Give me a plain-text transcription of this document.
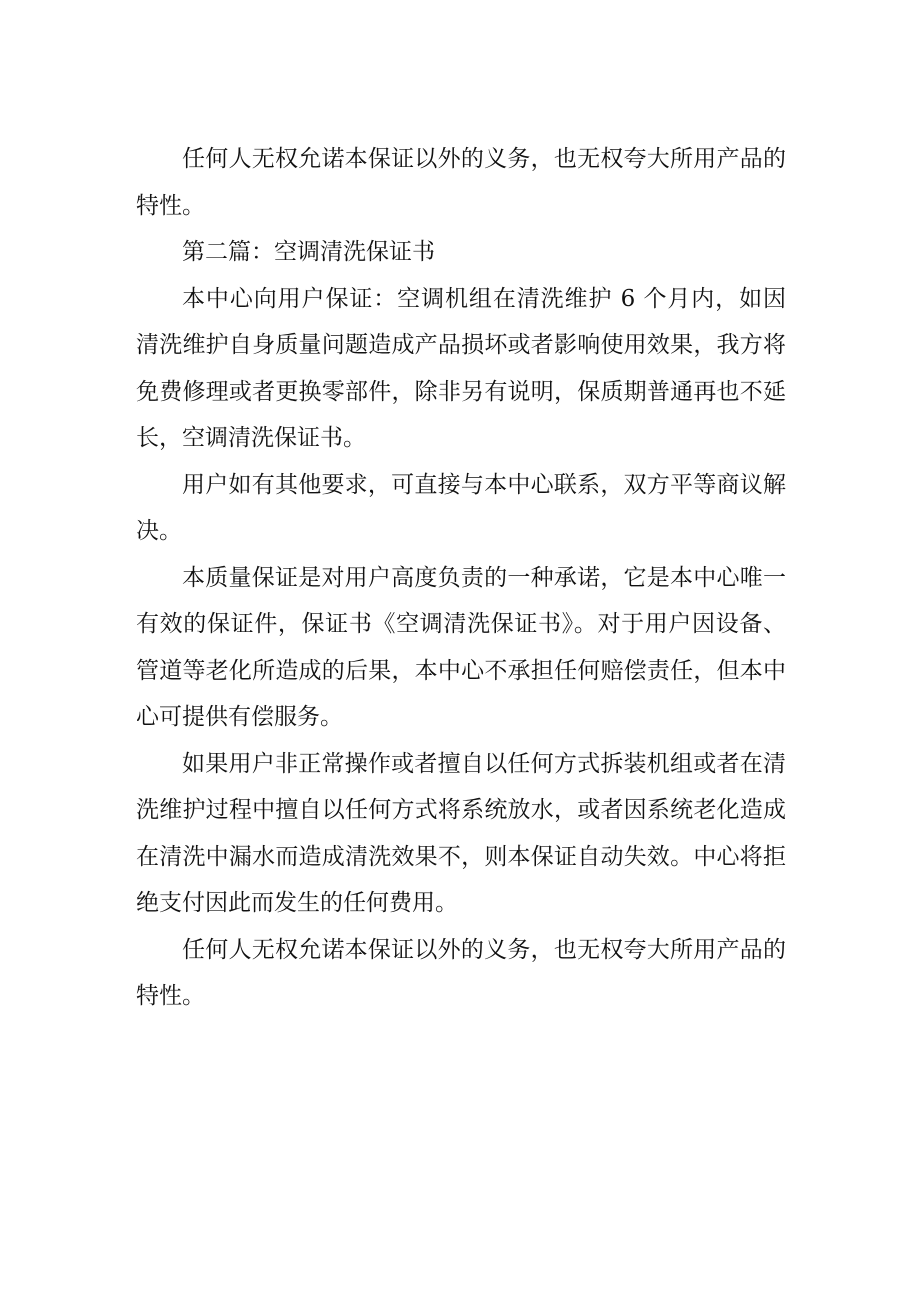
任何人无权允诺本保证以外的义务，也无权夸大所用产品的特性。

第二篇：空调清洗保证书

本中心向用户保证：空调机组在清洗维护 6 个月内，如因清洗维护自身质量问题造成产品损坏或者影响使用效果，我方将免费修理或者更换零部件，除非另有说明，保质期普通再也不延长，空调清洗保证书。

用户如有其他要求，可直接与本中心联系，双方平等商议解决。

本质量保证是对用户高度负责的一种承诺，它是本中心唯一有效的保证件，保证书《空调清洗保证书》。对于用户因设备、管道等老化所造成的后果，本中心不承担任何赔偿责任，但本中心可提供有偿服务。

如果用户非正常操作或者擅自以任何方式拆装机组或者在清洗维护过程中擅自以任何方式将系统放水，或者因系统老化造成在清洗中漏水而造成清洗效果不，则本保证自动失效。中心将拒绝支付因此而发生的任何费用。

任何人无权允诺本保证以外的义务，也无权夸大所用产品的特性。
